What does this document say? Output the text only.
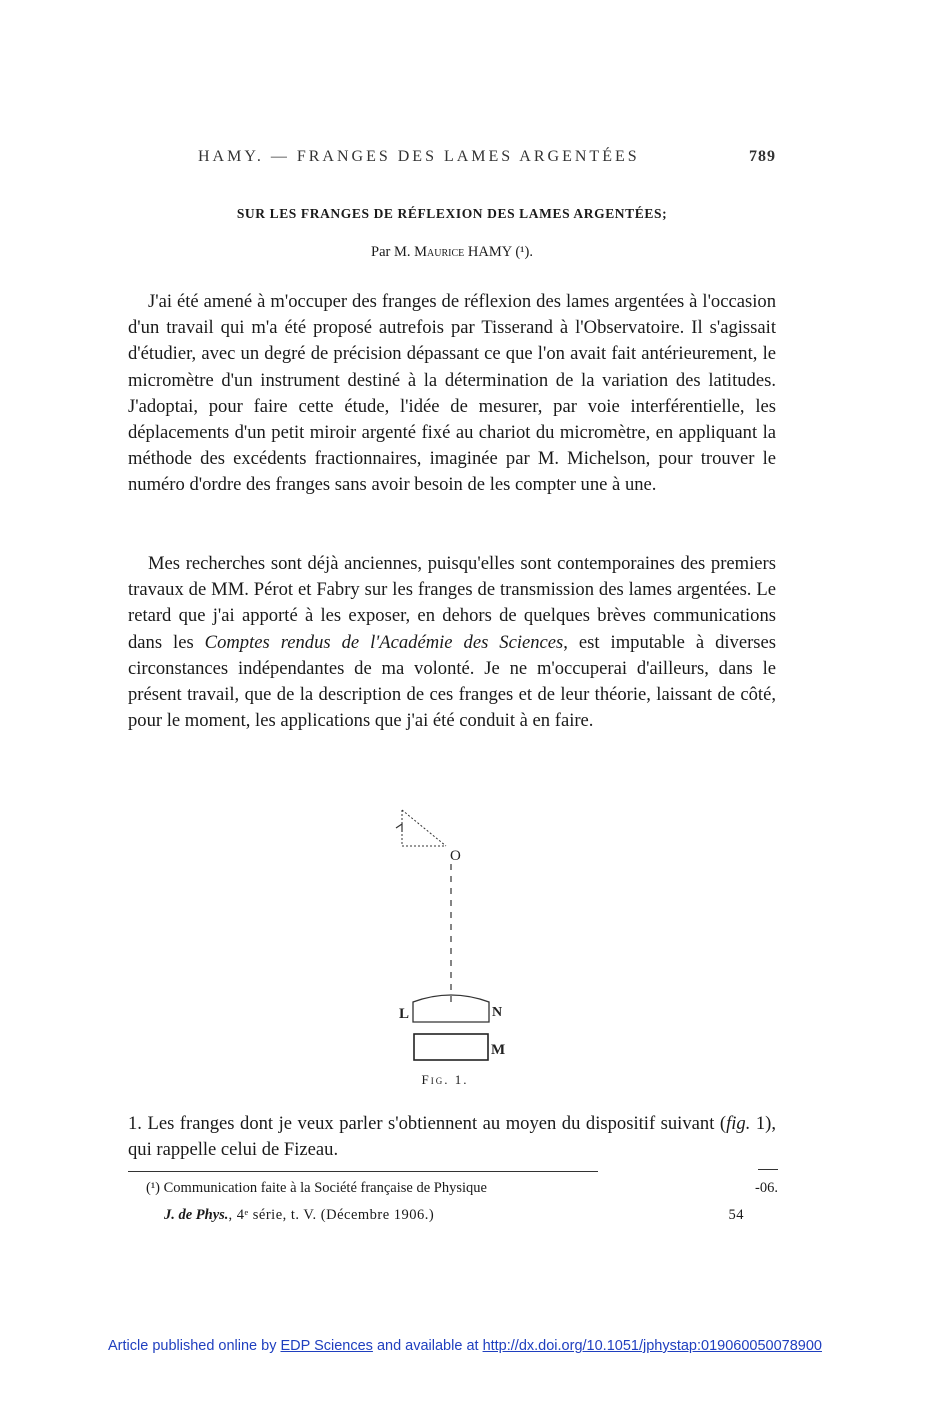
HAMY. — FRANGES DES LAMES ARGENTÉES	789
SUR LES FRANGES DE RÉFLEXION DES LAMES ARGENTÉES;
Par M. Maurice HAMY (¹).

J'ai été amené à m'occuper des franges de réflexion des lames argentées à l'occasion d'un travail qui m'a été proposé autrefois par Tisserand à l'Observatoire. Il s'agissait d'étudier, avec un degré de précision dépassant ce que l'on avait fait antérieurement, le micromètre d'un instrument destiné à la détermination de la variation des latitudes. J'adoptai, pour faire cette étude, l'idée de mesurer, par voie interférentielle, les déplacements d'un petit miroir argenté fixé au chariot du micromètre, en appliquant la méthode des excédents fractionnaires, imaginée par M. Michelson, pour trouver le numéro d'ordre des franges sans avoir besoin de les compter une à une.

Mes recherches sont déjà anciennes, puisqu'elles sont contemporaines des premiers travaux de MM. Pérot et Fabry sur les franges de transmission des lames argentées. Le retard que j'ai apporté à les exposer, en dehors de quelques brèves communications dans les Comptes rendus de l'Académie des Sciences, est imputable à diverses circonstances indépendantes de ma volonté. Je ne m'occuperai d'ailleurs, dans le présent travail, que de la description de ces franges et de leur théorie, laissant de côté, pour le moment, les applications que j'ai été conduit à en faire.

O
L	N
M
Fig. 1.

1. Les franges dont je veux parler s'obtiennent au moyen du dispositif suivant (fig. 1), qui rappelle celui de Fizeau.

(¹) Communication faite à la Société française de Physique	-06.
J. de Phys., 4ᵉ série, t. V. (Décembre 1906.)	54
Article published online by EDP Sciences and available at http://dx.doi.org/10.1051/jphystap:019060050078900
